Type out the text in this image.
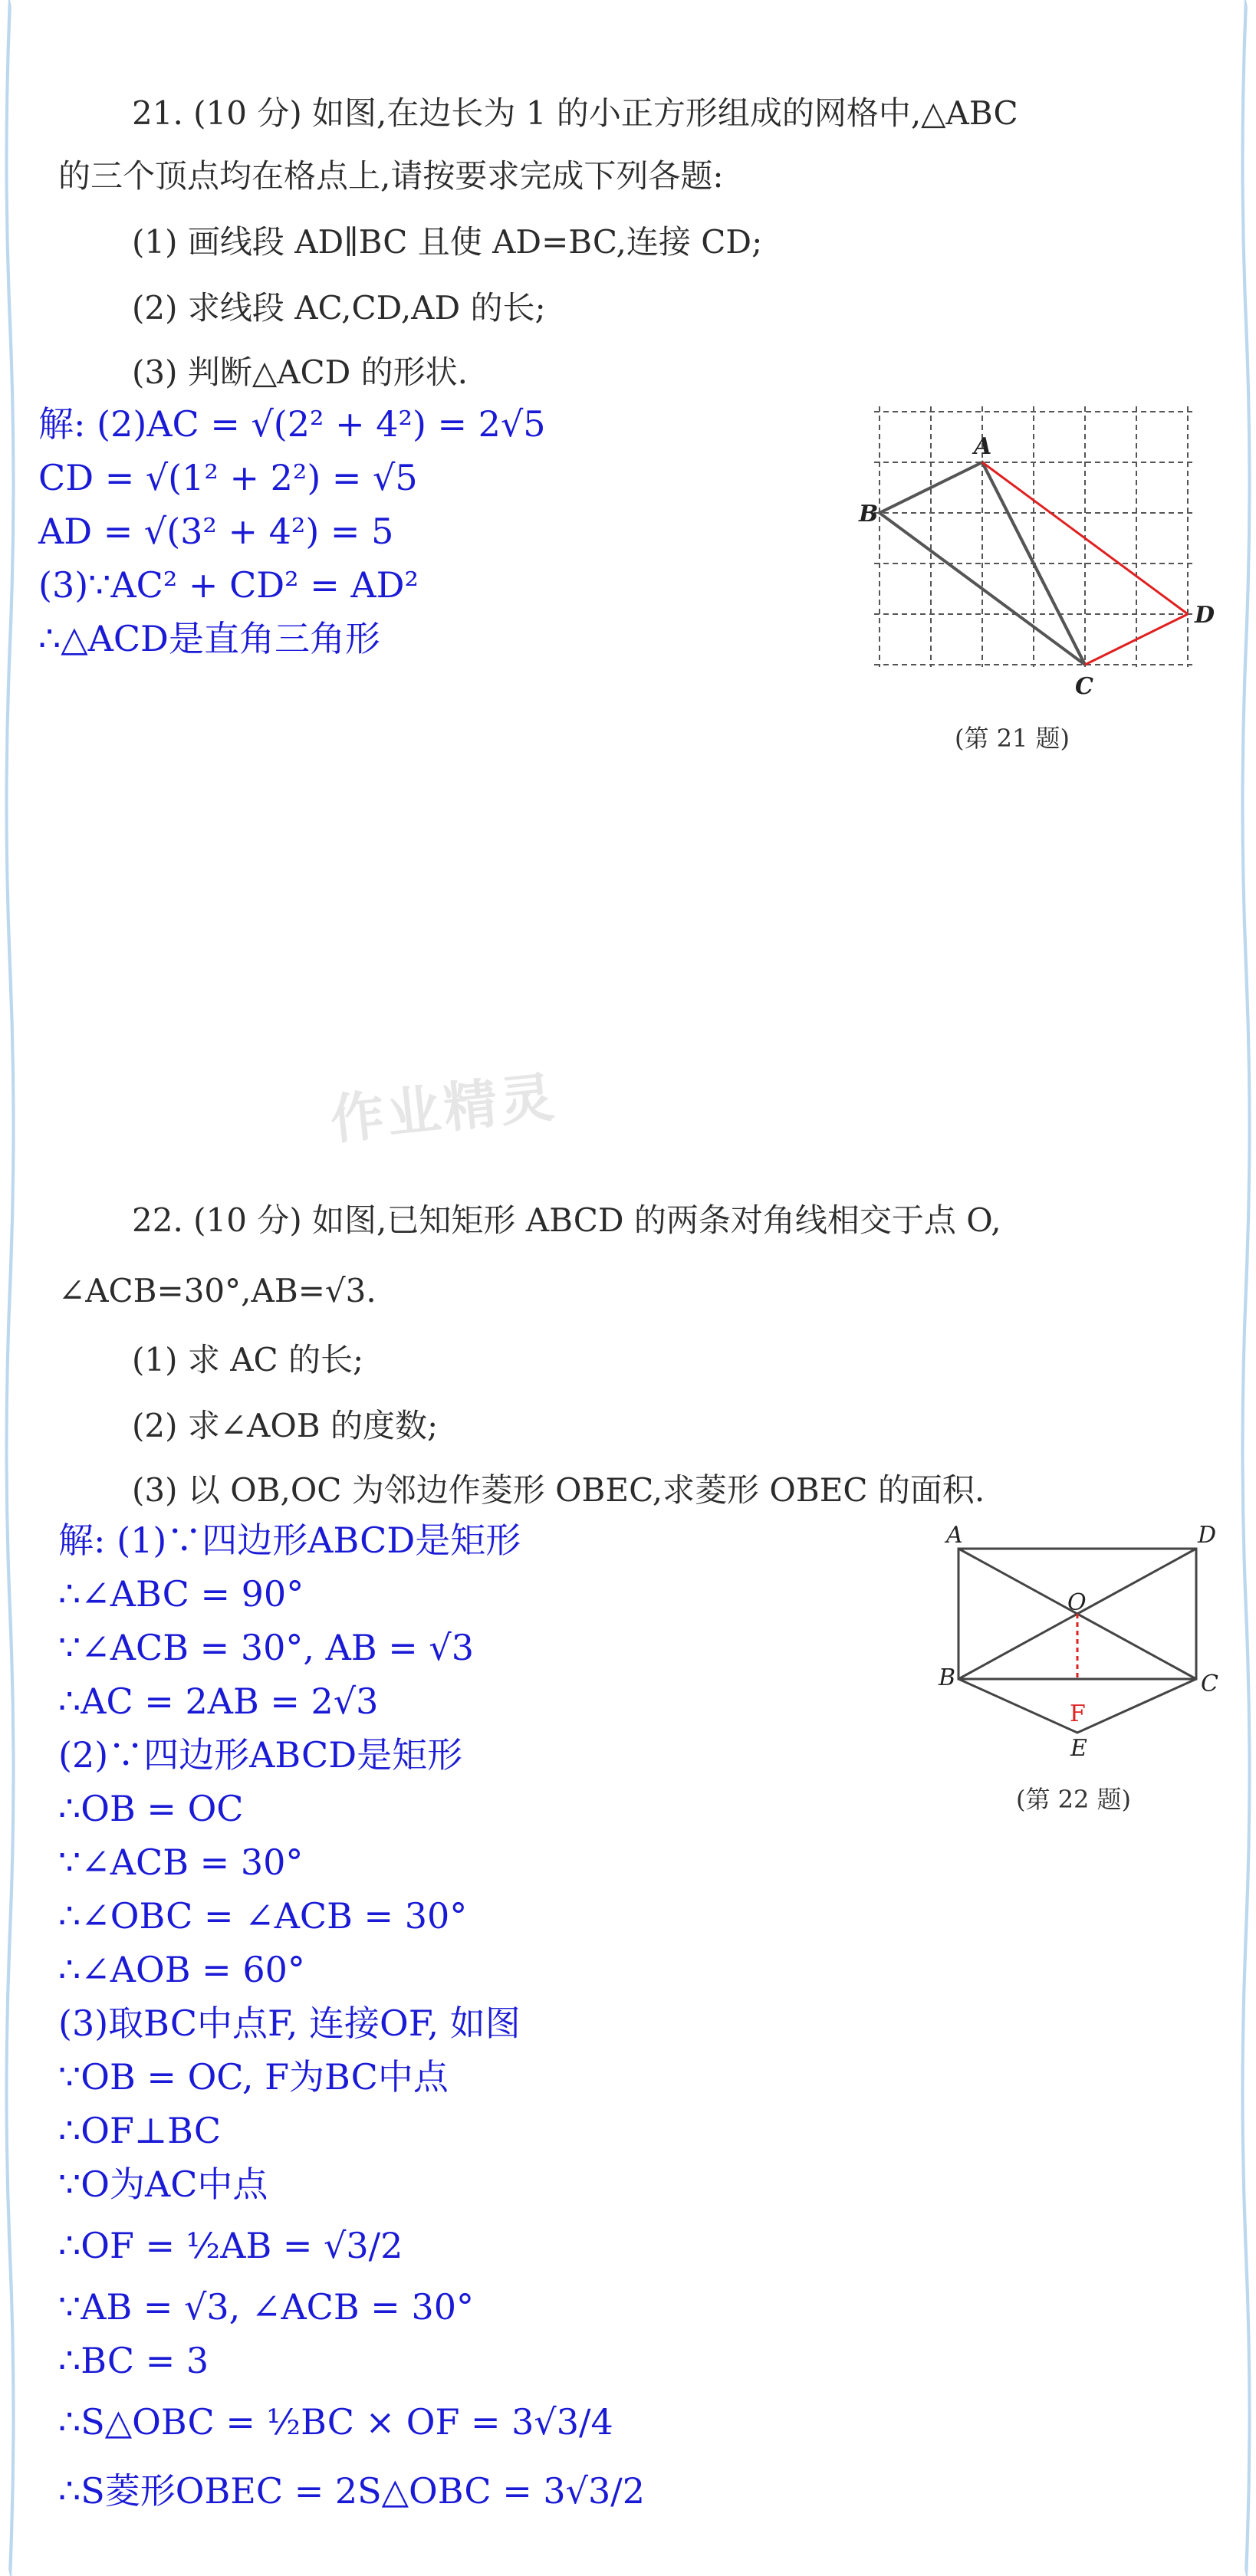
21. (10 分) 如图,在边长为 1 的小正方形组成的网格中,△ABC
的三个顶点均在格点上,请按要求完成下列各题:
(1) 画线段 AD∥BC 且使 AD=BC,连接 CD;
(2) 求线段 AC,CD,AD 的长;
(3) 判断△ACD 的形状.
解: (2)AC = √(2² + 4²) = 2√5
CD = √(1² + 2²) = √5
AD = √(3² + 4²) = 5
(3)∵AC² + CD² = AD²
∴△ACD是直角三角形
A
B
C
D
(第 21 题)
作业精灵
22. (10 分) 如图,已知矩形 ABCD 的两条对角线相交于点 O,
∠ACB=30°,AB=√3.
(1) 求 AC 的长;
(2) 求∠AOB 的度数;
(3) 以 OB,OC 为邻边作菱形 OBEC,求菱形 OBEC 的面积.
解: (1)∵四边形ABCD是矩形
∴∠ABC = 90°
∵∠ACB = 30°, AB = √3
∴AC = 2AB = 2√3
(2)∵四边形ABCD是矩形
∴OB = OC
∵∠ACB = 30°
∴∠OBC = ∠ACB = 30°
∴∠AOB = 60°
(3)取BC中点F, 连接OF, 如图
∵OB = OC, F为BC中点
∴OF⊥BC
∵O为AC中点
∴OF = ½AB = √3/2
∵AB = √3, ∠ACB = 30°
∴BC = 3
∴S△OBC = ½BC × OF = 3√3/4
∴S菱形OBEC = 2S△OBC = 3√3/2
A	D
O
B	C
F
E
(第 22 题)
